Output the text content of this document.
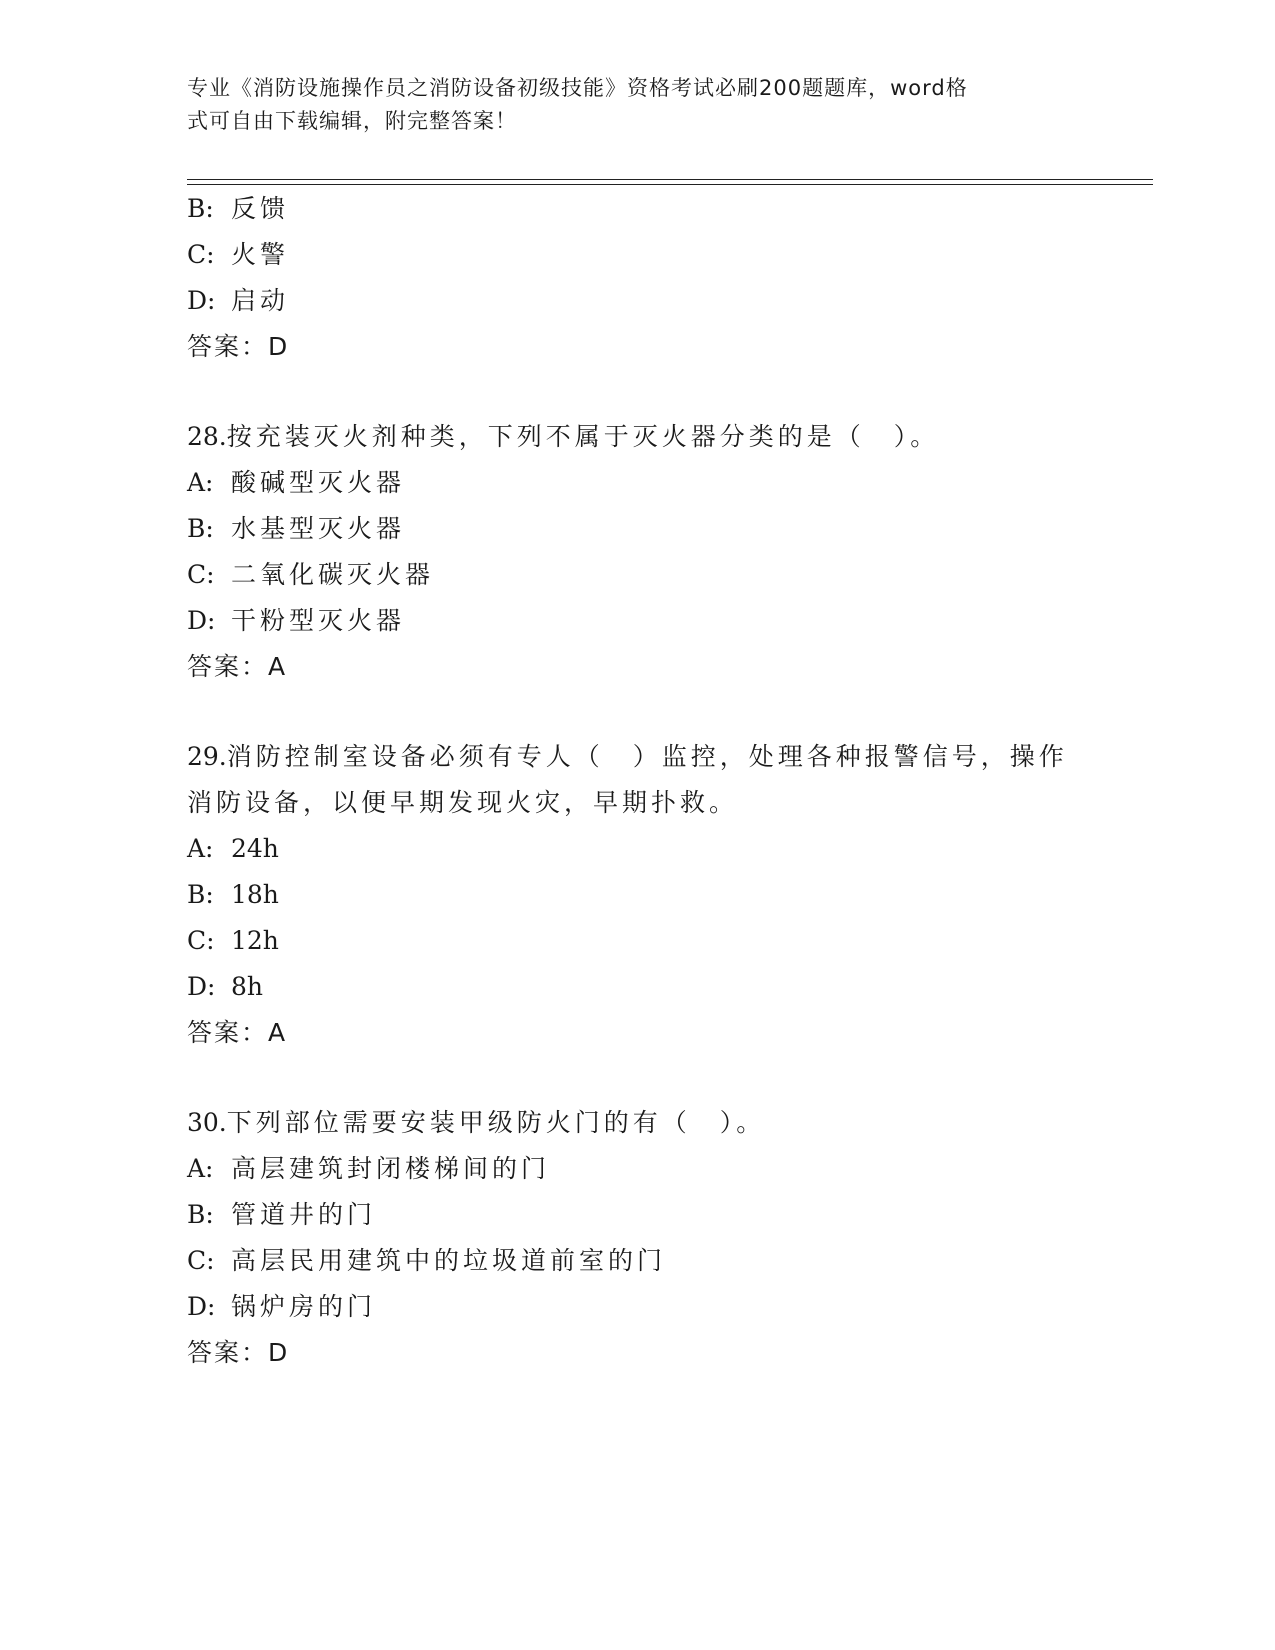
专业《消防设施操作员之消防设备初级技能》资格考试必刷200题题库，word格
式可自由下载编辑，附完整答案！
B: 反馈
C: 火警
D: 启动
答案：D
28.按充装灭火剂种类，下列不属于灭火器分类的是（　）。
A: 酸碱型灭火器
B: 水基型灭火器
C: 二氧化碳灭火器
D: 干粉型灭火器
答案：A
29.消防控制室设备必须有专人（　）监控，处理各种报警信号，操作
消防设备，以便早期发现火灾，早期扑救。
A: 24h
B: 18h
C: 12h
D: 8h
答案：A
30.下列部位需要安装甲级防火门的有（　）。
A: 高层建筑封闭楼梯间的门
B: 管道井的门
C: 高层民用建筑中的垃圾道前室的门
D: 锅炉房的门
答案：D
